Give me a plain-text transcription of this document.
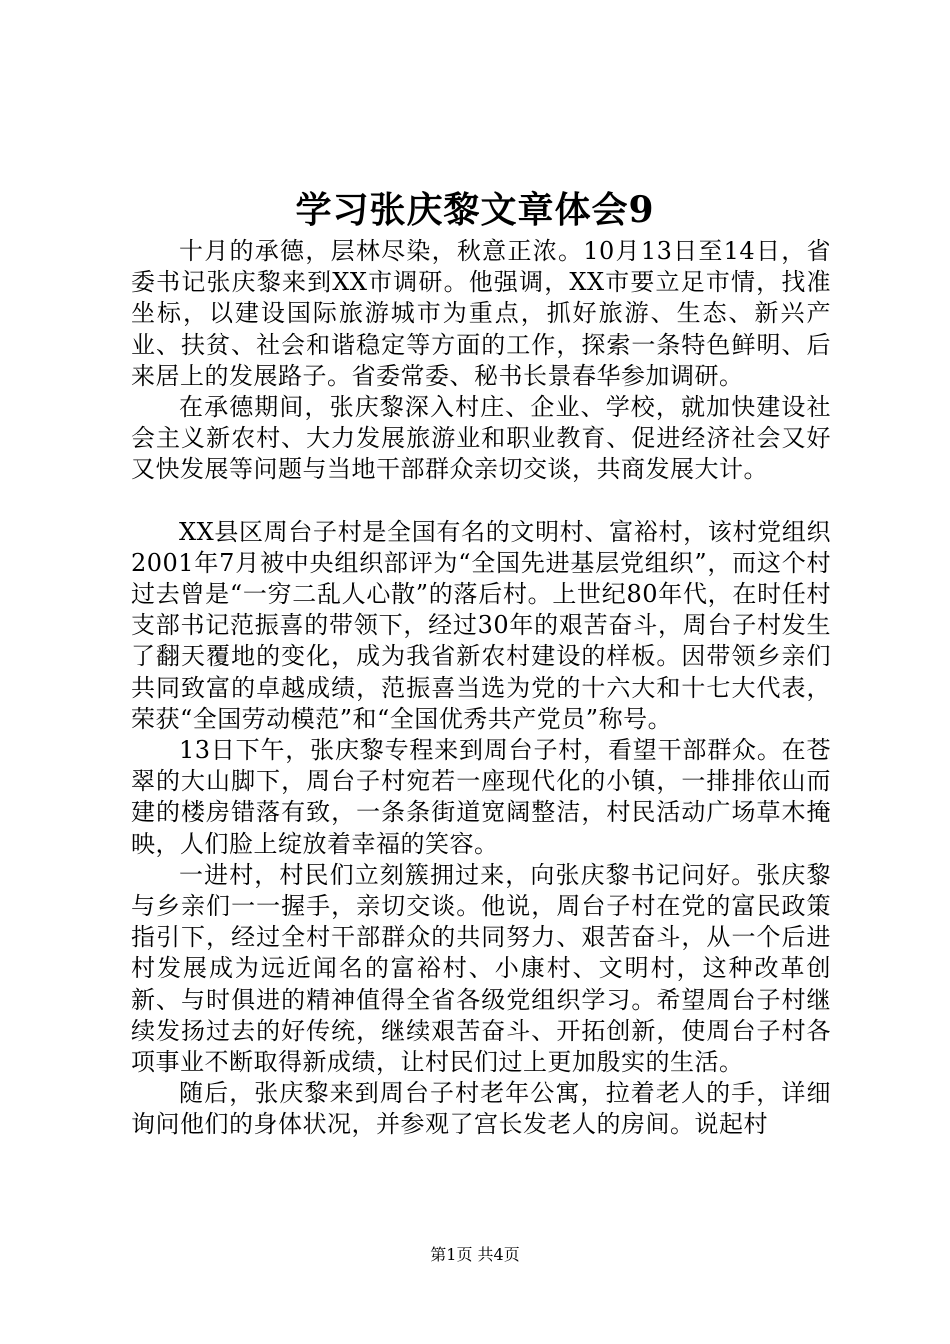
学习张庆黎文章体会9

十月的承德，层林尽染，秋意正浓。10月13日至14日，省委书记张庆黎来到XX市调研。他强调，XX市要立足市情，找准坐标，以建设国际旅游城市为重点，抓好旅游、生态、新兴产业、扶贫、社会和谐稳定等方面的工作，探索一条特色鲜明、后来居上的发展路子。省委常委、秘书长景春华参加调研。

在承德期间，张庆黎深入村庄、企业、学校，就加快建设社会主义新农村、大力发展旅游业和职业教育、促进经济社会又好又快发展等问题与当地干部群众亲切交谈，共商发展大计。

XX县区周台子村是全国有名的文明村、富裕村，该村党组织2001年7月被中央组织部评为“全国先进基层党组织”，而这个村过去曾是“一穷二乱人心散”的落后村。上世纪80年代，在时任村支部书记范振喜的带领下，经过30年的艰苦奋斗，周台子村发生了翻天覆地的变化，成为我省新农村建设的样板。因带领乡亲们共同致富的卓越成绩，范振喜当选为党的十六大和十七大代表，荣获“全国劳动模范”和“全国优秀共产党员”称号。

13日下午，张庆黎专程来到周台子村，看望干部群众。在苍翠的大山脚下，周台子村宛若一座现代化的小镇，一排排依山而建的楼房错落有致，一条条街道宽阔整洁，村民活动广场草木掩映，人们脸上绽放着幸福的笑容。

一进村，村民们立刻簇拥过来，向张庆黎书记问好。张庆黎与乡亲们一一握手，亲切交谈。他说，周台子村在党的富民政策指引下，经过全村干部群众的共同努力、艰苦奋斗，从一个后进村发展成为远近闻名的富裕村、小康村、文明村，这种改革创新、与时俱进的精神值得全省各级党组织学习。希望周台子村继续发扬过去的好传统，继续艰苦奋斗、开拓创新，使周台子村各项事业不断取得新成绩，让村民们过上更加殷实的生活。

随后，张庆黎来到周台子村老年公寓，拉着老人的手，详细询问他们的身体状况，并参观了宫长发老人的房间。说起村

第1页 共4页
